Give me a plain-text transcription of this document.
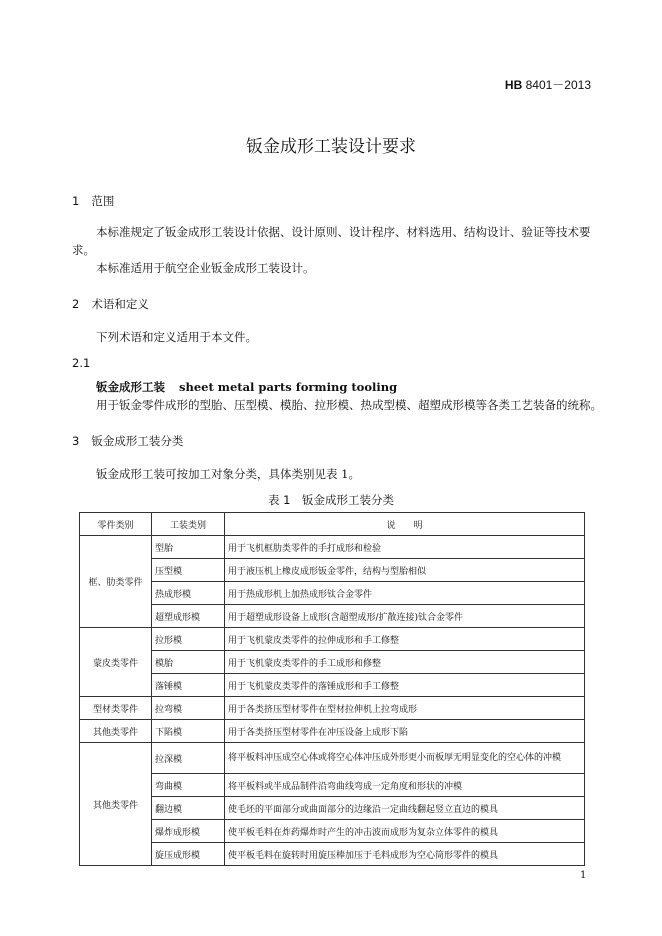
HB 8401－2013
钣金成形工装设计要求
1 范围
本标准规定了钣金成形工装设计依据、设计原则、设计程序、材料选用、结构设计、验证等技术要
求。
本标准适用于航空企业钣金成形工装设计。
2 术语和定义
下列术语和定义适用于本文件。
2.1
钣金成形工装 sheet metal parts forming tooling
用于钣金零件成形的型胎、压型模、模胎、拉形模、热成型模、超塑成形模等各类工艺装备的统称。
3 钣金成形工装分类
钣金成形工装可按加工对象分类，具体类别见表 1。
表 1　钣金成形工装分类
零件类别	工装类别	说　　明
框、肋类零件	型胎	用于飞机框肋类零件的手打成形和检验
	压型模	用于液压机上橡皮成形钣金零件，结构与型胎相似
	热成形模	用于热成形机上加热成形钛合金零件
	超塑成形模	用于超塑成形设备上成形(含超塑成形/扩散连接)钛合金零件
蒙皮类零件	拉形模	用于飞机蒙皮类零件的拉伸成形和手工修整
	模胎	用于飞机蒙皮类零件的手工成形和修整
	落锤模	用于飞机蒙皮类零件的落锤成形和手工修整
型材类零件	拉弯模	用于各类挤压型材零件在型材拉伸机上拉弯成形
其他类零件	下陷模	用于各类挤压型材零件在冲压设备上成形下陷
其他类零件	拉深模	将平板料冲压成空心体或将空心体冲压成外形更小而板厚无明显变化的空心体的冲模
	弯曲模	将平板料或半成品制件沿弯曲线弯成一定角度和形状的冲模
	翻边模	使毛坯的平面部分或曲面部分的边缘沿一定曲线翻起竖立直边的模具
	爆炸成形模	使平板毛料在炸药爆炸时产生的冲击波而成形为复杂立体零件的模具
	旋压成形模	使平板毛料在旋转时用旋压棒加压于毛料成形为空心筒形零件的模具
1
